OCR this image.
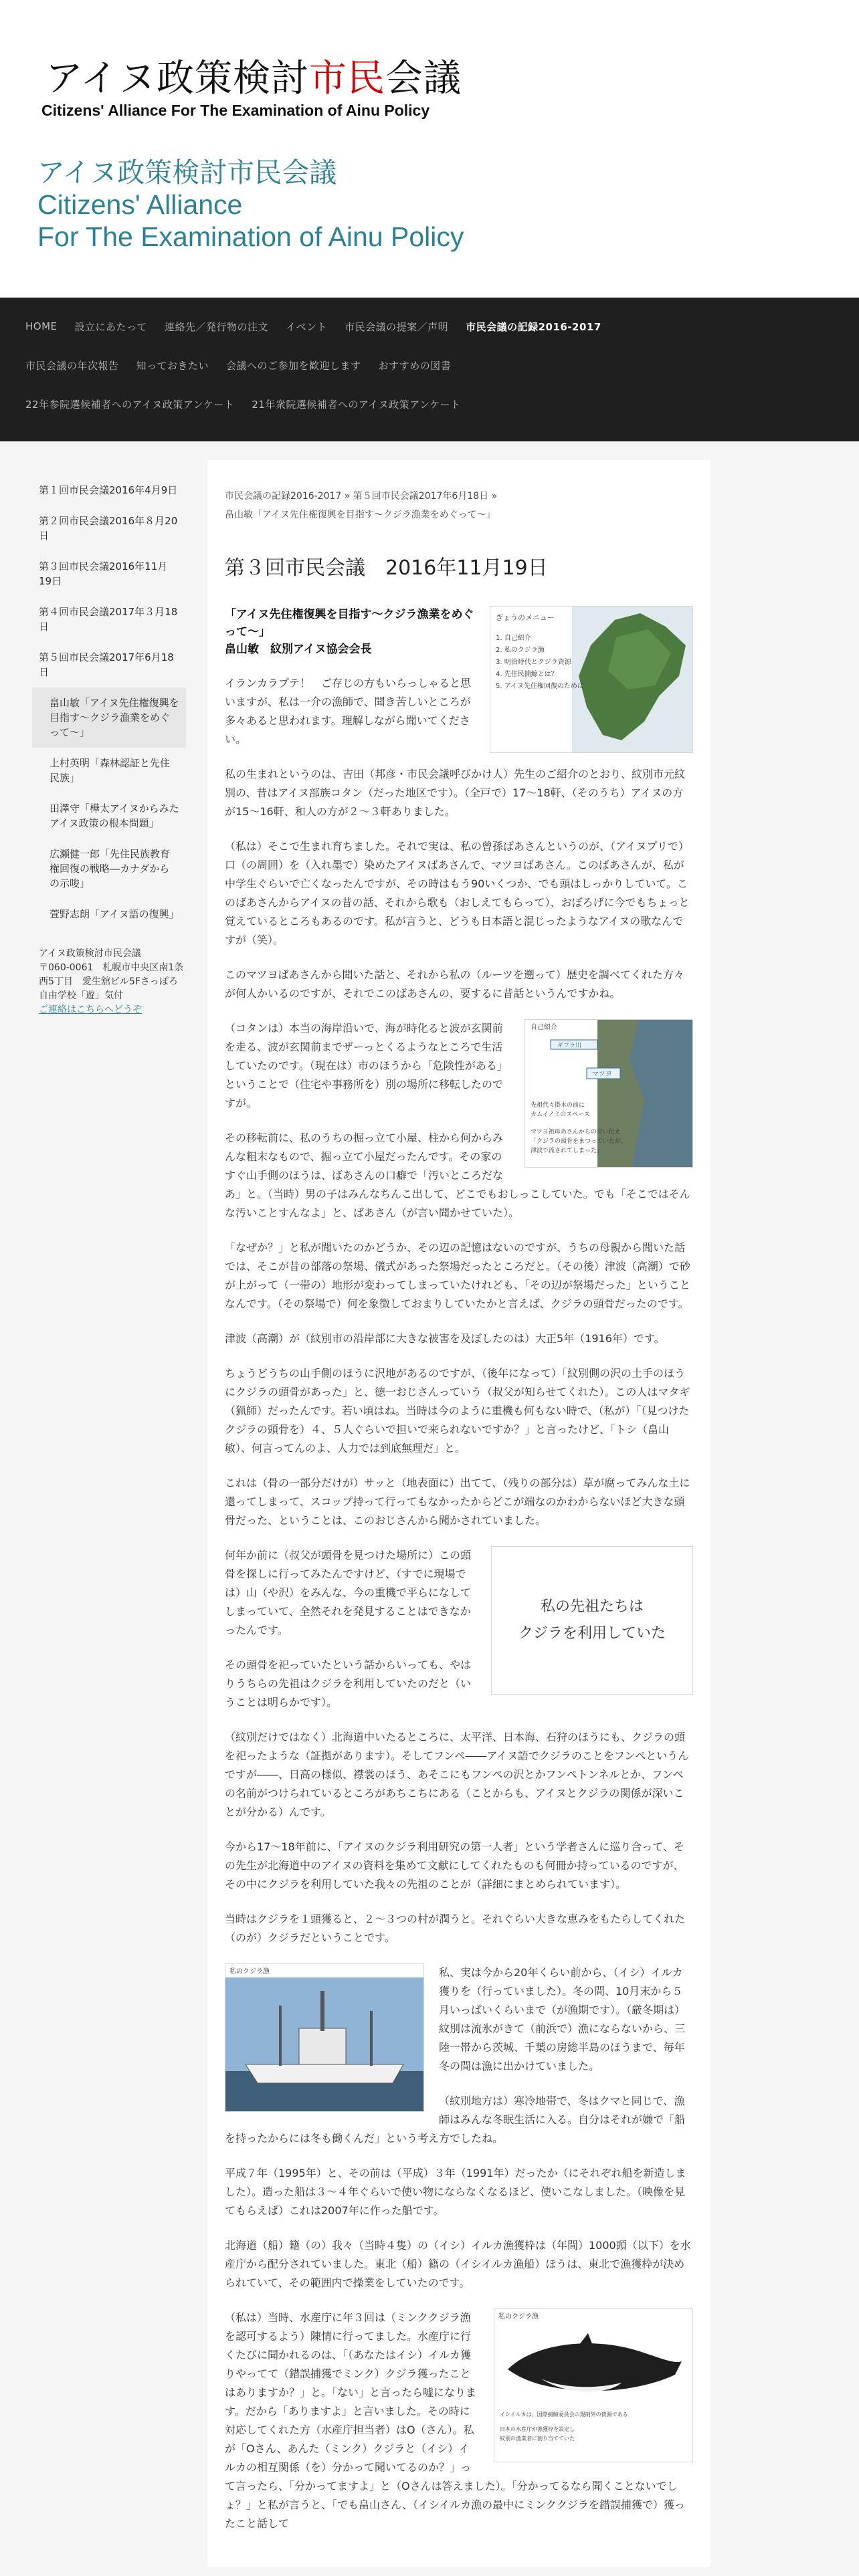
アイヌ政策検討市民会議
Citizens' Alliance For The Examination of Ainu Policy
アイヌ政策検討市民会議
Citizens' Alliance
For The Examination of Ainu Policy
HOME 設立にあたって 連絡先／発行物の注文 イベント 市民会議の提案／声明 市民会議の記録2016-2017
市民会議の年次報告 知っておきたい 会議へのご参加を歓迎します おすすめの図書
22年参院選候補者へのアイヌ政策アンケート 21年衆院選候補者へのアイヌ政策アンケート
第１回市民会議2016年4月9日
第２回市民会議2016年８月20日
第３回市民会議2016年11月19日
第４回市民会議2017年３月18日
第５回市民会議2017年6月18日
畠山敏「アイヌ先住権復興を目指す〜クジラ漁業をめぐって〜」
上村英明「森林認証と先住民族」
田澤守「樺太アイヌからみたアイヌ政策の根本問題」
広瀬健一郎「先住民族教育権回復の戦略―カナダからの示唆」
萱野志朗「アイヌ語の復興」
アイヌ政策検討市民会議
〒060-0061　札幌市中央区南1条西5丁目　愛生舘ビル5Fさっぽろ自由学校「遊」気付
ご連絡はこちらへどうぞ
市民会議の記録2016-2017 » 第５回市民会議2017年6月18日 »
畠山敏「アイヌ先住権復興を目指す〜クジラ漁業をめぐって〜」
第３回市民会議　2016年11月19日
ぎょうのメニュー
1. 自己紹介
2. 私のクジラ漁
3. 明治時代とクジラ資源
4. 先住民捕鯨とは？
5. アイヌ先住権回復のために

「アイヌ先住権復興を目指す〜クジラ漁業をめぐって〜」
畠山敏　紋別アイヌ協会会長

イランカラプテ！　ご存じの方もいらっしゃると思いますが、私は一介の漁師で、聞き苦しいところが多々あると思われます。理解しながら聞いてください。

私の生まれというのは、吉田（邦彦・市民会議呼びかけ人）先生のご紹介のとおり、紋別市元紋別の、昔はアイヌ部族コタン（だった地区です）。（全戸で）17〜18軒、（そのうち）アイヌの方が15〜16軒、和人の方が２〜３軒ありました。

（私は）そこで生まれ育ちました。それで実は、私の曾孫ばあさんというのが、（アイヌプリで）口（の周囲）を（入れ墨で）染めたアイヌばあさんで、マツヨばあさん。このばあさんが、私が中学生ぐらいで亡くなったんですが、その時はもう90いくつか、でも頭はしっかりしていて。このばあさんからアイヌの昔の話、それから歌も（おしえてもらって）、おぼろげに今でもちょっと覚えているところもあるのです。私が言うと、どうも日本語と混じったようなアイヌの歌なんですが（笑）。

このマツヨばあさんから聞いた話と、それから私の（ルーツを遡って）歴史を調べてくれた方々が何人かいるのですが、それでこのばあさんの、要するに昔話というんですかね。

自己紹介
ギフラ川
マツヨ
先祖代々掛木の前に
カムイノミのスペース
マツヨ祖母あさんからの言い伝え
「クジラの頭骨をまつっていたが、
津波で流されてしまった」

（コタンは）本当の海岸沿いで、海が時化ると波が玄関前を走る、波が玄関前までザーっとくるようなところで生活していたのです。（現在は）市のほうから「危険性がある」ということで（住宅や事務所を）別の場所に移転したのですが。

その移転前に、私のうちの掘っ立て小屋、柱から何からみんな粗末なもので、掘っ立て小屋だったんです。その家のすぐ山手側のほうは、ばあさんの口癖で「汚いところだなあ」と。（当時）男の子はみんなちんこ出して、どこでもおしっこしていた。でも「そこではそんな汚いことすんなよ」と、ばあさん（が言い聞かせていた）。

「なぜか？」と私が聞いたのかどうか、その辺の記憶はないのですが、うちの母親から聞いた話では、そこが昔の部落の祭場、儀式があった祭場だったところだと。（その後）津波（高潮）で砂が上がって（一帯の）地形が変わってしまっていたけれども、「その辺が祭場だった」ということなんです。（その祭場で）何を象徴しておまりしていたかと言えば、クジラの頭骨だったのです。

津波（高潮）が（紋別市の沿岸部に大きな被害を及ぼしたのは）大正5年（1916年）です。

ちょうどうちの山手側のほうに沢地があるのですが、（後年になって）「紋別側の沢の土手のほうにクジラの頭骨があった」と、徳一おじさんっていう（叔父が知らせてくれた）。この人はマタギ（猟師）だったんです。若い頃はね。当時は今のように重機も何もない時で、（私が）「（見つけたクジラの頭骨を）４、５人ぐらいで担いで来られないですか？」と言ったけど、「トシ（畠山敏）、何言ってんのよ、人力では到底無理だ」と。

これは（骨の一部分だけが）サッと（地表面に）出てて、（残りの部分は）草が腐ってみんな土に還ってしまって、スコップ持って行ってもなかったからどこが端なのかわからないほど大きな頭骨だった、ということは、このおじさんから聞かされていました。

私の先祖たちは
クジラを利用していた

何年か前に（叔父が頭骨を見つけた場所に）この頭骨を探しに行ってみたんですけど、（すでに現場では）山（や沢）をみんな、今の重機で平らになしてしまっていて、全然それを発見することはできなかったんです。

その頭骨を祀っていたという話からいっても、やはりうちらの先祖はクジラを利用していたのだと（いうことは明らかです）。

（紋別だけではなく）北海道中いたるところに、太平洋、日本海、石狩のほうにも、クジラの頭を祀ったような（証拠があります）。そしてフンペ――アイヌ語でクジラのことをフンペというんですが――、日高の様似、襟裳のほう、あそこにもフンペの沢とかフンペトンネルとか、フンペの名前がつけられているところがあちこちにある（ことからも、アイヌとクジラの関係が深いことが分かる）んです。

今から17〜18年前に、「アイヌのクジラ利用研究の第一人者」という学者さんに巡り合って、その先生が北海道中のアイヌの資料を集めて文献にしてくれたものも何冊か持っているのですが、その中にクジラを利用していた我々の先祖のことが（詳細にまとめられています）。

当時はクジラを１頭獲ると、２〜３つの村が潤うと。それぐらい大きな恵みをもたらしてくれた（のが）クジラだということです。

私のクジラ漁	私、実は今から20年くらい前から、（イシ）イルカ獲りを（行っていました）。冬の間、10月末から５月いっぱいくらいまで（が漁期です）。（厳冬期は）紋別は流氷がきて（前浜で）漁にならないから、三陸一帯から茨城、千葉の房総半島のほうまで、毎年冬の間は漁に出かけていました。

（紋別地方は）寒冷地帯で、冬はクマと同じで、漁師はみんな冬眠生活に入る。自分はそれが嫌で「船を持ったからには冬も働くんだ」という考え方でしたね。

平成７年（1995年）と、その前は（平成）３年（1991年）だったか（にそれぞれ船を新造しました）。造った船は３〜４年ぐらいで使い物にならなくなるほど、使いこなしました。（映像を見てもらえば）これは2007年に作った船です。

北海道（船）籍（の）我々（当時４隻）の（イシ）イルカ漁獲枠は（年間）1000頭（以下）を水産庁から配分されていました。東北（船）籍の（イシイルカ漁船）ほうは、東北で漁獲枠が決められていて、その範囲内で操業をしていたのです。

私のクジラ漁
イシイルカは、国際捕鯨委員会の規制外の資源である
日本の水産庁が漁獲枠を設定し
紋別の漁業者に割り当てていた

（私は）当時、水産庁に年３回は（ミンククジラ漁を認可するよう）陳情に行ってました。水産庁に行くたびに聞かれるのは、「（あなたはイシ）イルカ獲りやってて（錯誤捕獲でミンク）クジラ獲ったことはありますか？」と。「ない」と言ったら嘘になります。だから「ありますよ」と言いました。その時に対応してくれた方（水産庁担当者）はO（さん）。私が「Oさん、あんた（ミンク）クジラと（イシ）イルカの相互関係（を）分かって聞いてるのか？」って言ったら、「分かってますよ」と（Oさんは答えました）。「分かってるなら聞くことないでしょ？」と私が言うと、「でも畠山さん、（イシイルカ漁の最中にミンククジラを錯誤捕獲で）獲ったこと話して
